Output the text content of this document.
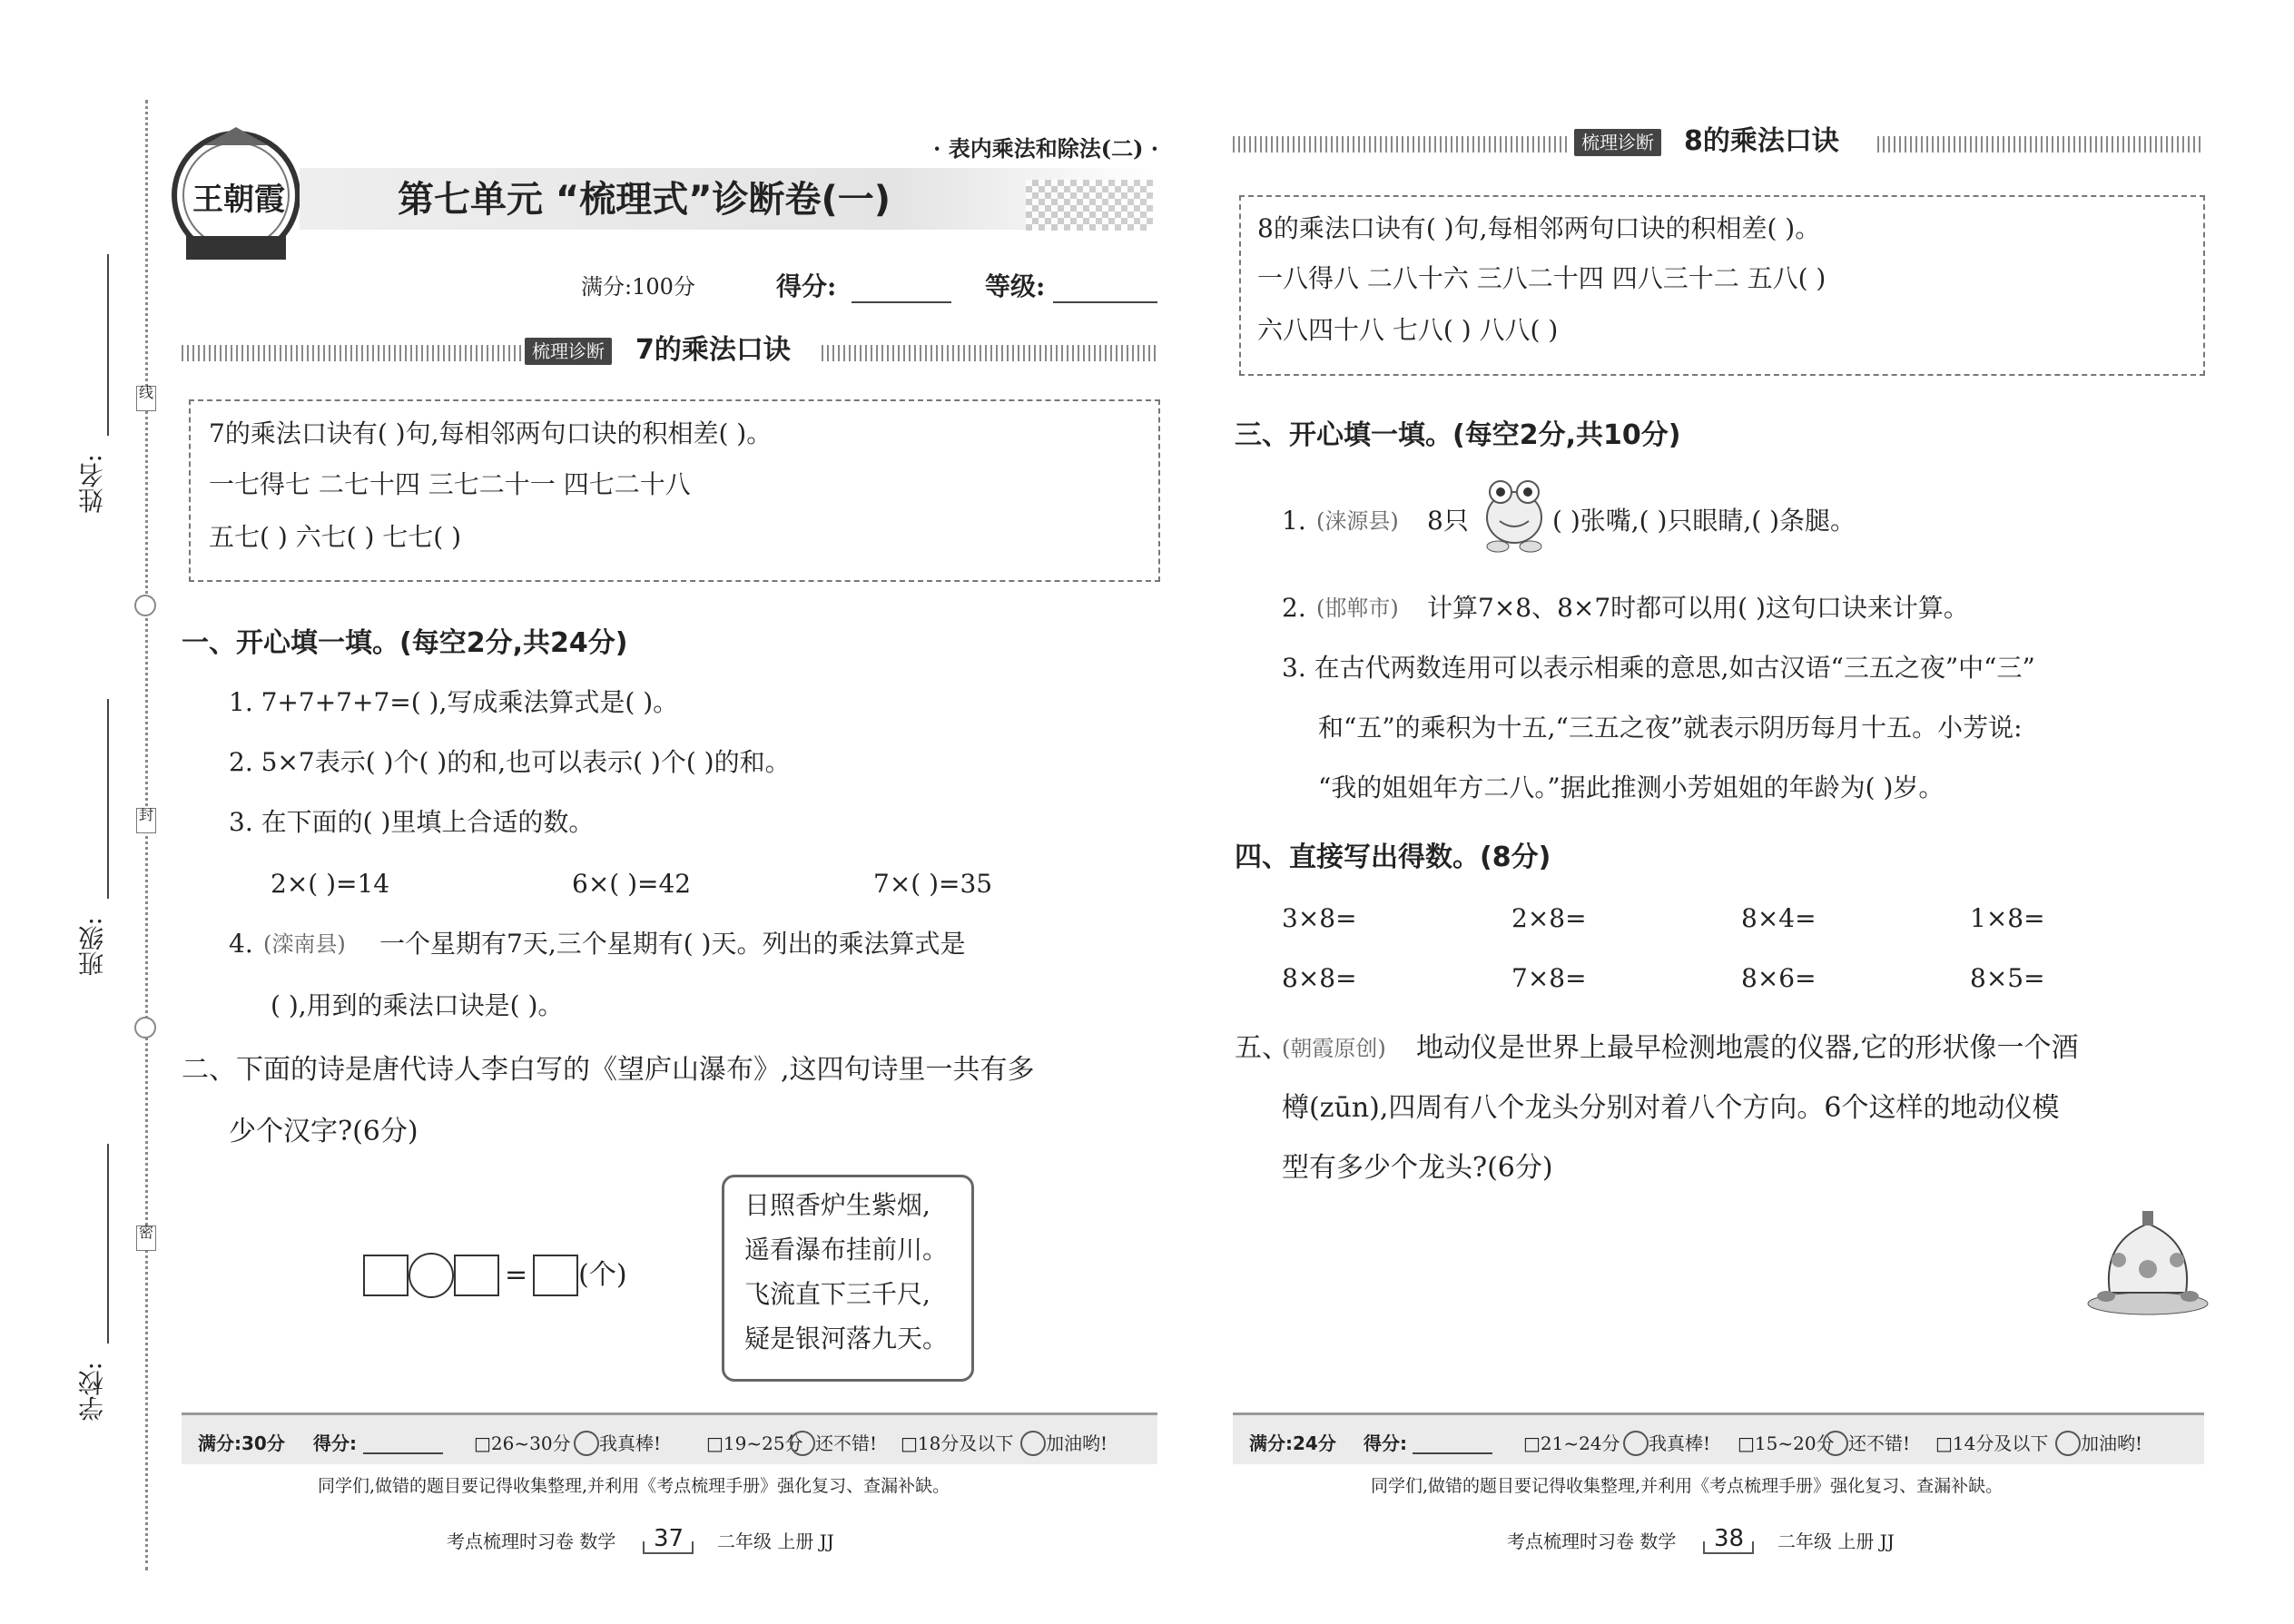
姓名:
线
班级:
封
学校:
密
王朝霞
· 表内乘法和除法(二) ·
第七单元 “梳理式”诊断卷(一)
满分:100分	得分:	等级:
梳理诊断 7的乘法口诀
7的乘法口诀有( )句,每相邻两句口诀的积相差( )。
一七得七 二七十四 三七二十一 四七二十八
五七( ) 六七( ) 七七( )
一、开心填一填。(每空2分,共24分)
1. 7+7+7+7=( ),写成乘法算式是( )。
2. 5×7表示( )个( )的和,也可以表示( )个( )的和。
3. 在下面的( )里填上合适的数。
2×( )=14	6×( )=42	7×( )=35
4. (滦南县) 一个星期有7天,三个星期有( )天。列出的乘法算式是
( ),用到的乘法口诀是( )。
二、下面的诗是唐代诗人李白写的《望庐山瀑布》,这四句诗里一共有多
少个汉字?(6分)
= (个)
日照香炉生紫烟,
遥看瀑布挂前川。
飞流直下三千尺,
疑是银河落九天。
满分:30分 得分:	□26~30分 我真棒! □19~25分 还不错! □18分及以下 加油哟!
同学们,做错的题目要记得收集整理,并利用《考点梳理手册》强化复习、查漏补缺。
考点梳理时习卷 数学 37 二年级 上册 JJ
梳理诊断 8的乘法口诀
8的乘法口诀有( )句,每相邻两句口诀的积相差( )。
一八得八 二八十六 三八二十四 四八三十二 五八( )
六八四十八 七八( ) 八八( )
三、开心填一填。(每空2分,共10分)
1. (涞源县) 8只	( )张嘴,( )只眼睛,( )条腿。
2. (邯郸市) 计算7×8、8×7时都可以用( )这句口诀来计算。
3. 在古代两数连用可以表示相乘的意思,如古汉语“三五之夜”中“三”
和“五”的乘积为十五,“三五之夜”就表示阴历每月十五。小芳说:
“我的姐姐年方二八。”据此推测小芳姐姐的年龄为( )岁。
四、直接写出得数。(8分)
3×8=	2×8=	8×4=	1×8=
8×8=	7×8=	8×6=	8×5=
五、
(朝霞原创) 地动仪是世界上最早检测地震的仪器,它的形状像一个酒
樽(zūn),四周有八个龙头分别对着八个方向。6个这样的地动仪模
型有多少个龙头?(6分)
满分:24分 得分:	□21~24分 我真棒! □15~20分 还不错! □14分及以下 加油哟!
同学们,做错的题目要记得收集整理,并利用《考点梳理手册》强化复习、查漏补缺。
考点梳理时习卷 数学 38 二年级 上册 JJ
